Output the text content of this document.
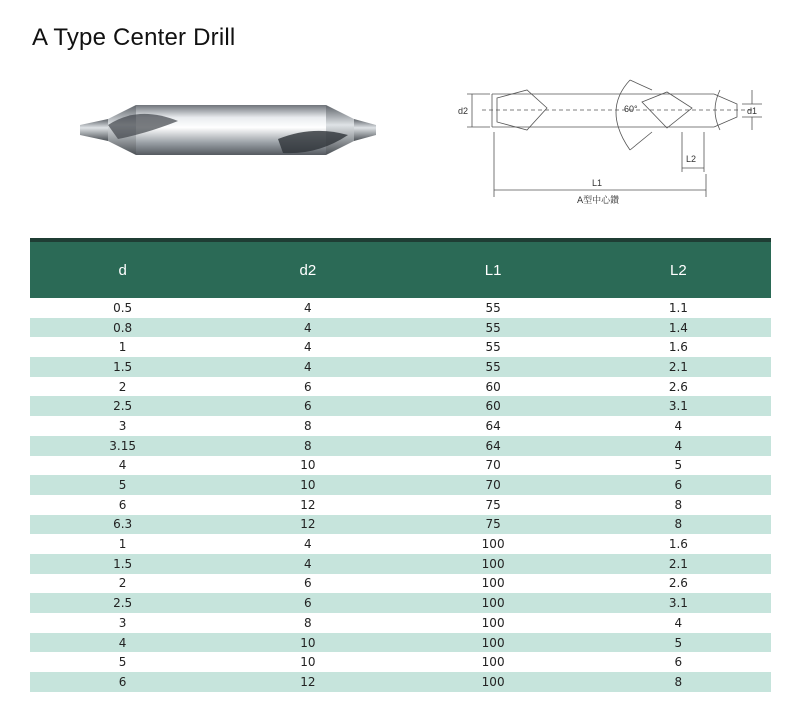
A Type Center Drill
d2	60°	d1
L2
L1
A型中心鑽
d	d2	L1	L2
0.5	4	55	1.1
0.8	4	55	1.4
1	4	55	1.6
1.5	4	55	2.1
2	6	60	2.6
2.5	6	60	3.1
3	8	64	4
3.15	8	64	4
4	10	70	5
5	10	70	6
6	12	75	8
6.3	12	75	8
1	4	100	1.6
1.5	4	100	2.1
2	6	100	2.6
2.5	6	100	3.1
3	8	100	4
4	10	100	5
5	10	100	6
6	12	100	8
